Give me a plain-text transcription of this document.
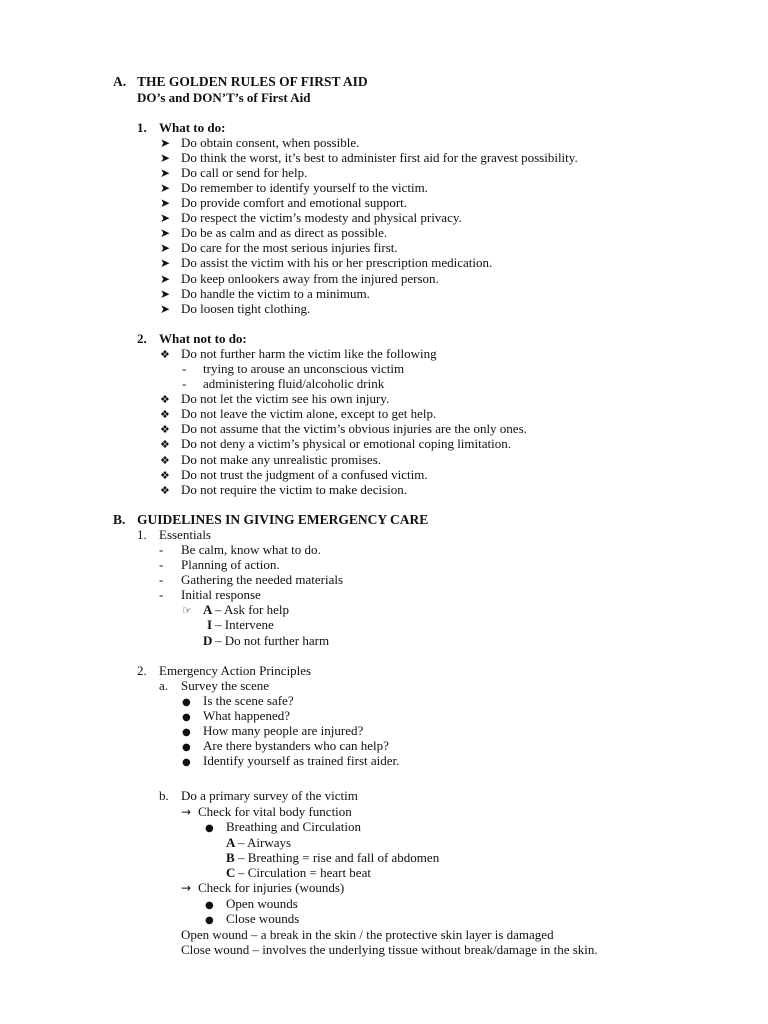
A. THE GOLDEN RULES OF FIRST AID
DO’s and DON’T’s of First Aid
1. What to do:
➤ Do obtain consent, when possible.
➤ Do think the worst, it’s best to administer first aid for the gravest possibility.
➤ Do call or send for help.
➤ Do remember to identify yourself to the victim.
➤ Do provide comfort and emotional support.
➤ Do respect the victim’s modesty and physical privacy.
➤ Do be as calm and as direct as possible.
➤ Do care for the most serious injuries first.
➤ Do assist the victim with his or her prescription medication.
➤ Do keep onlookers away from the injured person.
➤ Do handle the victim to a minimum.
➤ Do loosen tight clothing.
2. What not to do:
❖ Do not further harm the victim like the following
- trying to arouse an unconscious victim
- administering fluid/alcoholic drink
❖ Do not let the victim see his own injury.
❖ Do not leave the victim alone, except to get help.
❖ Do not assume that the victim’s obvious injuries are the only ones.
❖ Do not deny a victim’s physical or emotional coping limitation.
❖ Do not make any unrealistic promises.
❖ Do not trust the judgment of a confused victim.
❖ Do not require the victim to make decision.
B. GUIDELINES IN GIVING EMERGENCY CARE
1. Essentials
- Be calm, know what to do.
- Planning of action.
- Gathering the needed materials
- Initial response
☞ A – Ask for help
I – Intervene
D – Do not further harm
2. Emergency Action Principles
a. Survey the scene
● Is the scene safe?
● What happened?
● How many people are injured?
● Are there bystanders who can help?
● Identify yourself as trained first aider.
b. Do a primary survey of the victim
→ Check for vital body function
● Breathing and Circulation
A – Airways
B – Breathing = rise and fall of abdomen
C – Circulation = heart beat
→ Check for injuries (wounds)
● Open wounds
● Close wounds
Open wound – a break in the skin / the protective skin layer is damaged
Close wound – involves the underlying tissue without break/damage in the skin.
